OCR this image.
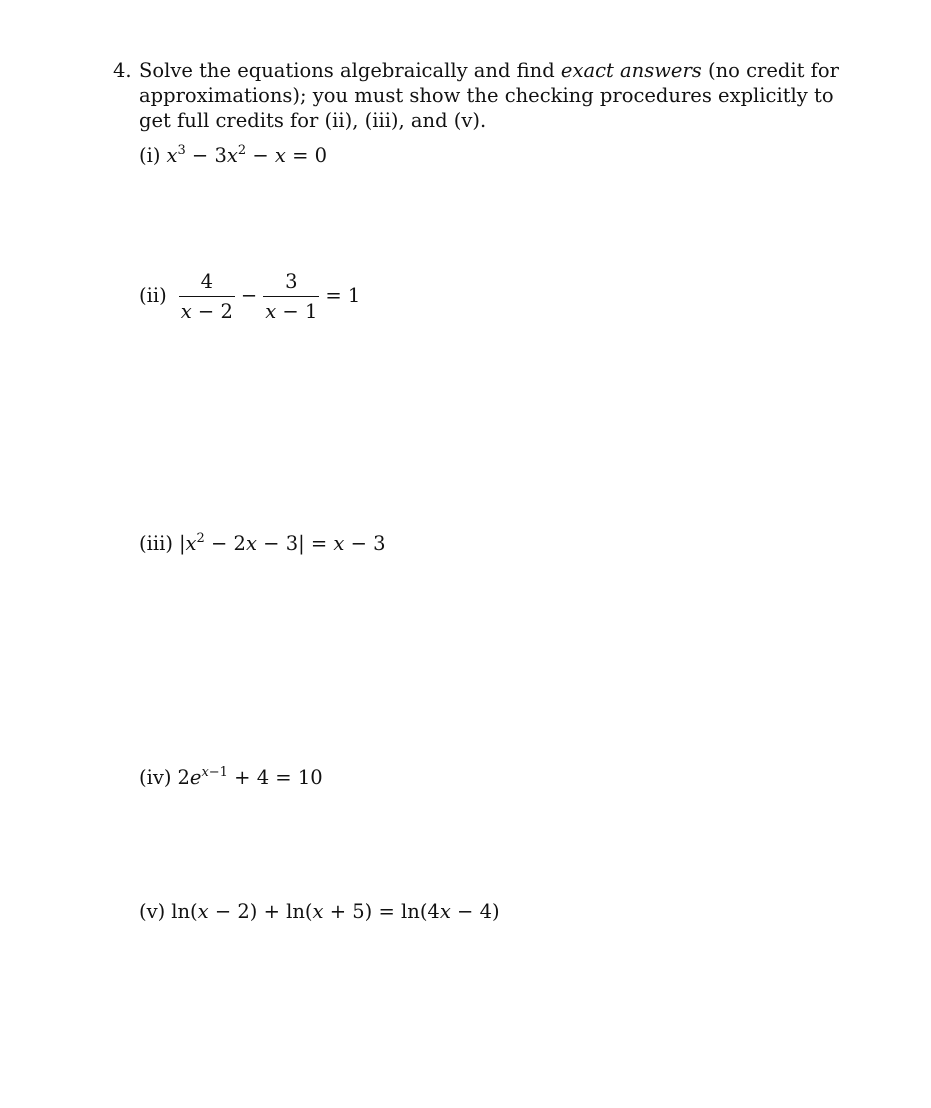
4. Solve the equations algebraically and find exact answers (no credit for
approximations); you must show the checking procedures explicitly to
get full credits for (ii), (iii), and (v).
(i) $x^3 - 3x^2 - x = 0$
$(ii) \frac{4}{x - 2} - \frac{3}{x - 1} = 1$
(iii) $|x^2 - 2x - 3| = x - 3$
(iv) $2e^{x-1} + 4 = 10$
(v) ln(x − 2) + ln(x + 5) = ln(4x − 4)
